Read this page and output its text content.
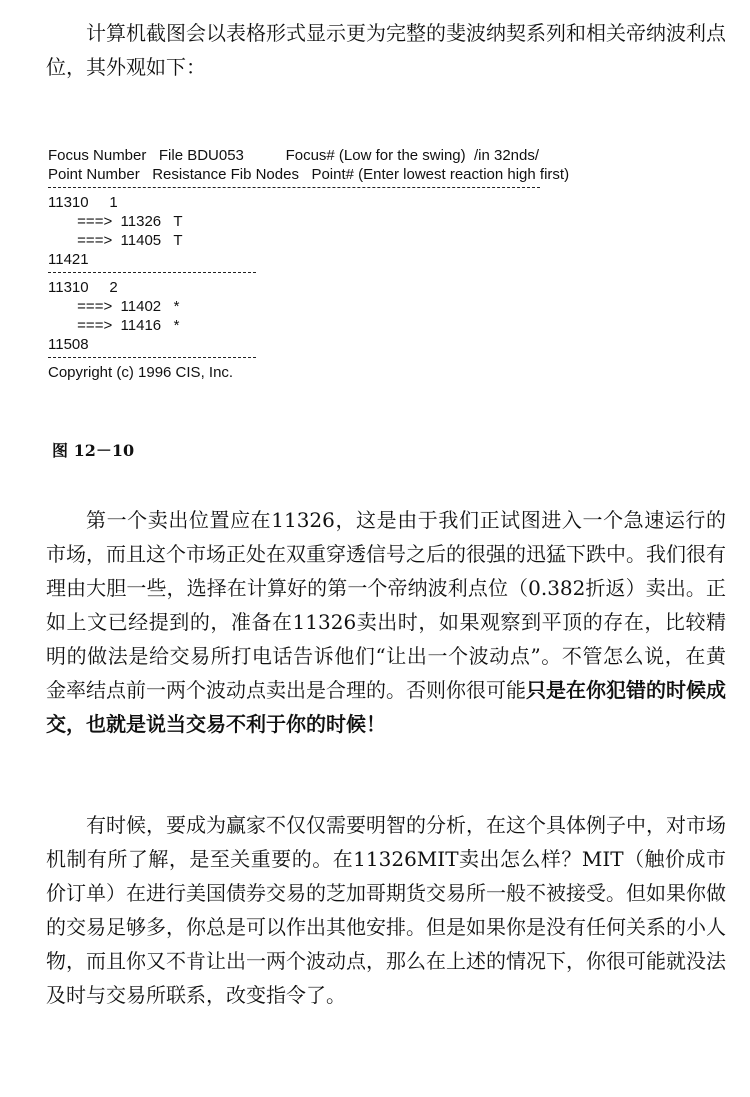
计算机截图会以表格形式显示更为完整的斐波纳契系列和相关帝纳波利点位，其外观如下：

Focus Number   File BDU053          Focus# (Low for the swing)  /in 32nds/
Point Number   Resistance Fib Nodes   Point# (Enter lowest reaction high first)
11310     1
===>  11326   T
===>  11405   T
11421
11310     2
===>  11402   *
===>  11416   *
11508
Copyright (c) 1996 CIS, Inc.
图 12－10

第一个卖出位置应在11326，这是由于我们正试图进入一个急速运行的市场，而且这个市场正处在双重穿透信号之后的很强的迅猛下跌中。我们很有理由大胆一些，选择在计算好的第一个帝纳波利点位（0.382折返）卖出。正如上文已经提到的，准备在11326卖出时，如果观察到平顶的存在，比较精明的做法是给交易所打电话告诉他们“让出一个波动点”。不管怎么说，在黄金率结点前一两个波动点卖出是合理的。否则你很可能只是在你犯错的时候成交，也就是说当交易不利于你的时候！

有时候，要成为赢家不仅仅需要明智的分析，在这个具体例子中，对市场机制有所了解，是至关重要的。在11326MIT卖出怎么样？MIT（触价成市价订单）在进行美国债券交易的芝加哥期货交易所一般不被接受。但如果你做的交易足够多，你总是可以作出其他安排。但是如果你是没有任何关系的小人物，而且你又不肯让出一两个波动点，那么在上述的情况下，你很可能就没法及时与交易所联系，改变指令了。
